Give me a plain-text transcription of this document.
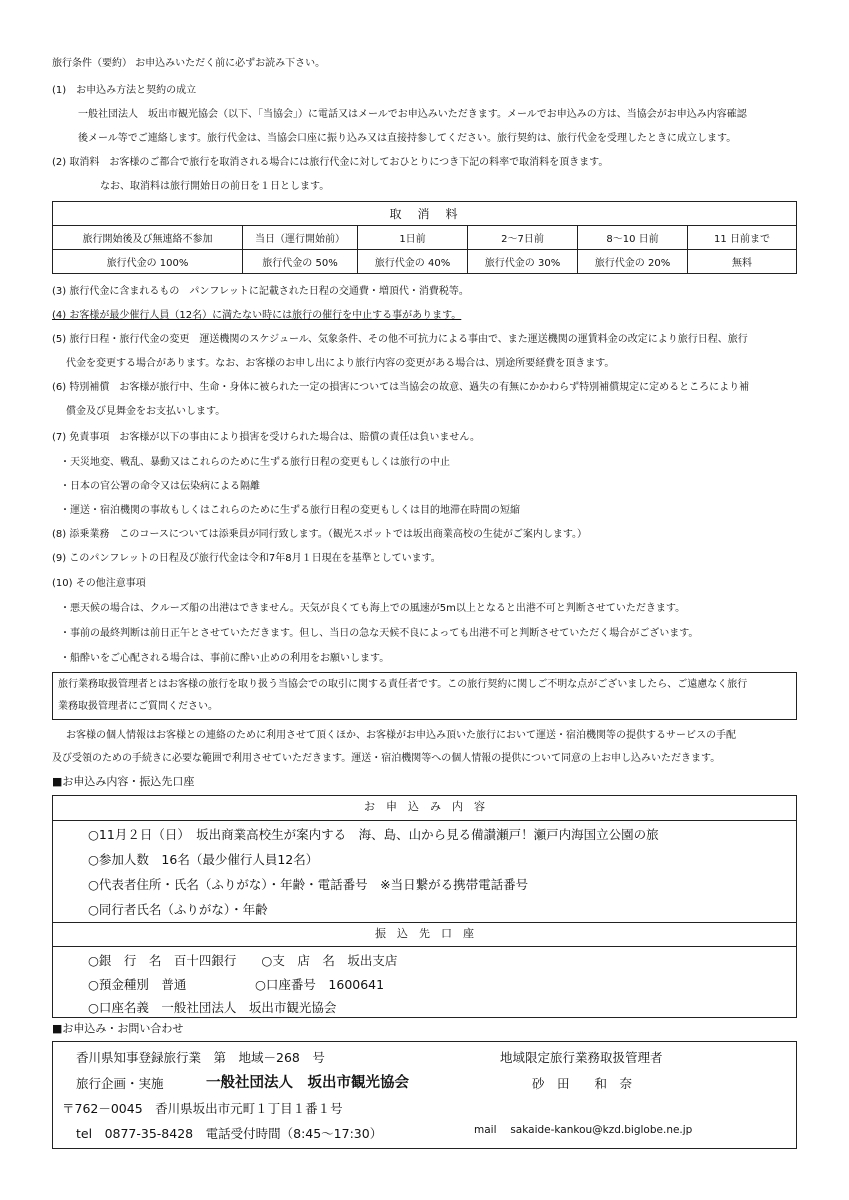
旅行条件（要約） お申込みいただく前に必ずお読み下さい。
(1)　お申込み方法と契約の成立
一般社団法人　坂出市観光協会（以下、「当協会」）に電話又はメールでお申込みいただきます。メールでお申込みの方は、当協会がお申込み内容確認
後メール等でご連絡します。旅行代金は、当協会口座に振り込み又は直接持参してください。旅行契約は、旅行代金を受理したときに成立します。
(2) 取消料　お客様のご都合で旅行を取消される場合には旅行代金に対しておひとりにつき下記の料率で取消料を頂きます。
なお、取消料は旅行開始日の前日を１日とします。
取　消　料					
旅行開始後及び無連絡不参加	当日（運行開始前）	1日前	2〜7日前	8〜10 日前	11 日前まで
旅行代金の 100%	旅行代金の 50%	旅行代金の 40%	旅行代金の 30%	旅行代金の 20%	無料
(3) 旅行代金に含まれるもの　パンフレットに記載された日程の交通費・増頂代・消費税等。
(4) お客様が最少催行人員（12名）に満たない時には旅行の催行を中止する事があります。
(5) 旅行日程・旅行代金の変更　運送機関のスケジュール、気象条件、その他不可抗力による事由で、また運送機関の運賃料金の改定により旅行日程、旅行
代金を変更する場合があります。なお、お客様のお申し出により旅行内容の変更がある場合は、別途所要経費を頂きます。
(6) 特別補償　お客様が旅行中、生命・身体に被られた一定の損害については当協会の故意、過失の有無にかかわらず特別補償規定に定めるところにより補
償金及び見舞金をお支払いします。
(7) 免責事項　お客様が以下の事由により損害を受けられた場合は、賠償の責任は負いません。
・天災地変、戦乱、暴動又はこれらのために生ずる旅行日程の変更もしくは旅行の中止
・日本の官公署の命令又は伝染病による隔離
・運送・宿泊機関の事故もしくはこれらのために生ずる旅行日程の変更もしくは目的地滞在時間の短縮
(8) 添乗業務　このコースについては添乗員が同行致します。（観光スポットでは坂出商業高校の生徒がご案内します。）
(9) このパンフレットの日程及び旅行代金は令和7年8月１日現在を基準としています。
(10) その他注意事項
・悪天候の場合は、クルーズ船の出港はできません。天気が良くても海上での風速が5m以上となると出港不可と判断させていただきます。
・事前の最終判断は前日正午とさせていただきます。但し、当日の急な天候不良によっても出港不可と判断させていただく場合がございます。
・船酔いをご心配される場合は、事前に酔い止めの利用をお願いします。
旅行業務取扱管理者とはお客様の旅行を取り扱う当協会での取引に関する責任者です。この旅行契約に関しご不明な点がございましたら、ご遠慮なく旅行
業務取扱管理者にご質問ください。
お客様の個人情報はお客様との連絡のために利用させて頂くほか、お客様がお申込み頂いた旅行において運送・宿泊機関等の提供するサービスの手配
及び受領のための手続きに必要な範囲で利用させていただきます。運送・宿泊機関等への個人情報の提供について同意の上お申し込みいただきます。
■お申込み内容・振込先口座
お　申　込　み　内　容
○11月２日（日）　坂出商業高校生が案内する　海、島、山から見る備讃瀬戸！瀬戸内海国立公園の旅
○参加人数　16名（最少催行人員12名）
○代表者住所・氏名（ふりがな）・年齢・電話番号　※当日繋がる携帯電話番号
○同行者氏名（ふりがな）・年齢
振　込　先　口　座
○銀　行　名　百十四銀行　　○支　店　名　坂出支店
○預金種別　普通	○口座番号　1600641
○口座名義　一般社団法人　坂出市観光協会
■お申込み・お問い合わせ
香川県知事登録旅行業　第　地域－268　号	地域限定旅行業務取扱管理者
旅行企画・実施	一般社団法人　坂出市観光協会	砂　田　　和　奈
〒762－0045　香川県坂出市元町１丁目１番１号
tel　0877-35-8428　電話受付時間（8:45～17:30）	mail　 sakaide-kankou@kzd.biglobe.ne.jp
